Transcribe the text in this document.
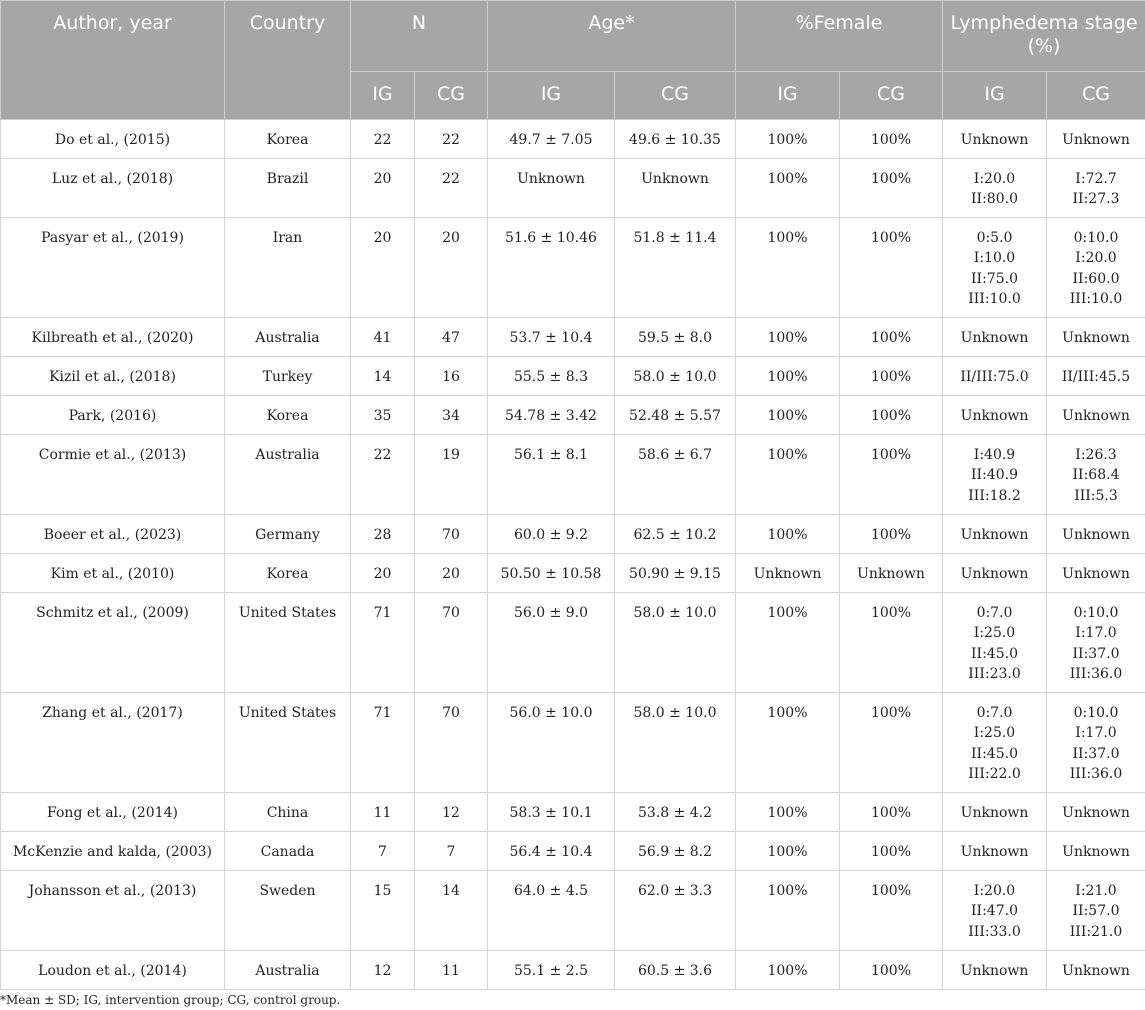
Author, year	Country	N		Age*		%Female		Lymphedema stage (%)	
		IG	CG	IG	CG	IG	CG	IG	CG
Do et al., (2015)	Korea	22	22	49.7 ± 7.05	49.6 ± 10.35	100%	100%	Unknown	Unknown
Luz et al., (2018)	Brazil	20	22	Unknown	Unknown	100%	100%	I:20.0
II:80.0	I:72.7
II:27.3
Pasyar et al., (2019)	Iran	20	20	51.6 ± 10.46	51.8 ± 11.4	100%	100%	0:5.0
I:10.0
II:75.0
III:10.0	0:10.0
I:20.0
II:60.0
III:10.0
Kilbreath et al., (2020)	Australia	41	47	53.7 ± 10.4	59.5 ± 8.0	100%	100%	Unknown	Unknown
Kizil et al., (2018)	Turkey	14	16	55.5 ± 8.3	58.0 ± 10.0	100%	100%	II/III:75.0	II/III:45.5
Park, (2016)	Korea	35	34	54.78 ± 3.42	52.48 ± 5.57	100%	100%	Unknown	Unknown
Cormie et al., (2013)	Australia	22	19	56.1 ± 8.1	58.6 ± 6.7	100%	100%	I:40.9
II:40.9
III:18.2	I:26.3
II:68.4
III:5.3
Boeer et al., (2023)	Germany	28	70	60.0 ± 9.2	62.5 ± 10.2	100%	100%	Unknown	Unknown
Kim et al., (2010)	Korea	20	20	50.50 ± 10.58	50.90 ± 9.15	Unknown	Unknown	Unknown	Unknown
Schmitz et al., (2009)	United States	71	70	56.0 ± 9.0	58.0 ± 10.0	100%	100%	0:7.0
I:25.0
II:45.0
III:23.0	0:10.0
I:17.0
II:37.0
III:36.0
Zhang et al., (2017)	United States	71	70	56.0 ± 10.0	58.0 ± 10.0	100%	100%	0:7.0
I:25.0
II:45.0
III:22.0	0:10.0
I:17.0
II:37.0
III:36.0
Fong et al., (2014)	China	11	12	58.3 ± 10.1	53.8 ± 4.2	100%	100%	Unknown	Unknown
McKenzie and kalda, (2003)	Canada	7	7	56.4 ± 10.4	56.9 ± 8.2	100%	100%	Unknown	Unknown
Johansson et al., (2013)	Sweden	15	14	64.0 ± 4.5	62.0 ± 3.3	100%	100%	I:20.0
II:47.0
III:33.0	I:21.0
II:57.0
III:21.0
Loudon et al., (2014)	Australia	12	11	55.1 ± 2.5	60.5 ± 3.6	100%	100%	Unknown	Unknown

*Mean ± SD; IG, intervention group; CG, control group.
